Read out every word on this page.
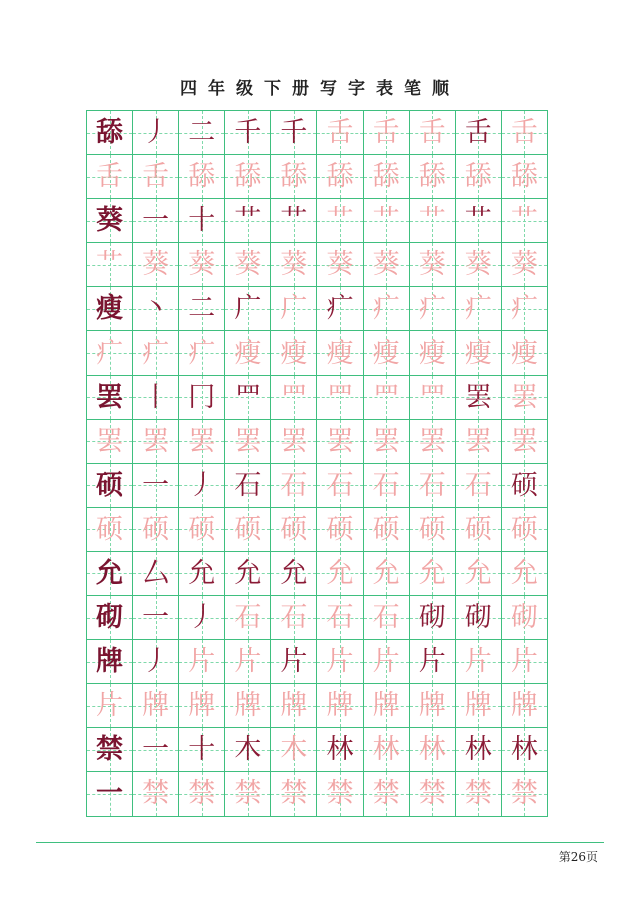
四年级下册写字表笔顺
舔 丿 二 千 千 舌 舌 舌 舌 舌
舌 舌 舔 舔 舔 舔 舔 舔 舔 舔
葵 一 十 艹 艹 艹 艹 艹 艹 艹
艹 葵 葵 葵 葵 葵 葵 葵 葵 葵
瘦 丶 二 广 广 疒 疒 疒 疒 疒
疒 疒 疒 瘦 瘦 瘦 瘦 瘦 瘦 瘦
罢 丨 冂 罒 罒 罒 罒 罒 罢 罢
罢 罢 罢 罢 罢 罢 罢 罢 罢 罢
硕 一 丿 石 石 石 石 石 石 硕
硕 硕 硕 硕 硕 硕 硕 硕 硕 硕
允 厶 允 允 允 允 允 允 允 允
砌 一 丿 石 石 石 石 砌 砌 砌
牌 丿 片 片 片 片 片 片 片 片
片 牌 牌 牌 牌 牌 牌 牌 牌 牌
禁 一 十 木 木 林 林 林 林 林
一 禁 禁 禁 禁 禁 禁 禁 禁 禁
第26页
